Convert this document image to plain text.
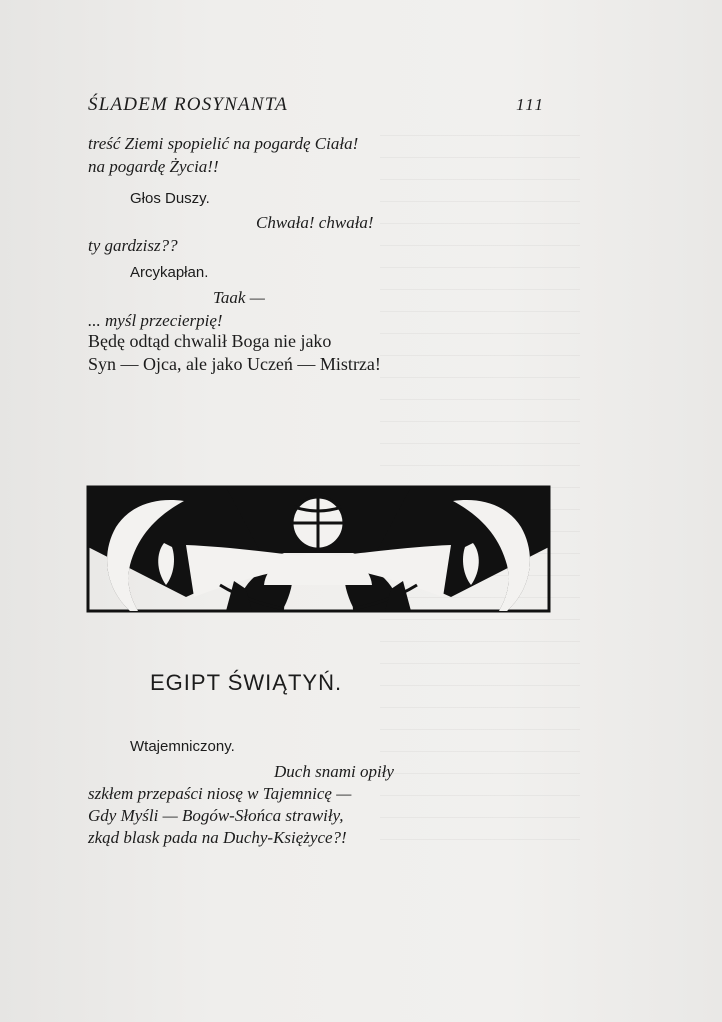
ŚLADEM ROSYNANTA	111
treść Ziemi spopielić na pogardę Ciała!
na pogardę Życia!!
Głos Duszy.
Chwała! chwała!
ty gardzisz??
Arcykapłan.
Taak —
... myśl przecierpię!
Będę odtąd chwalił Boga nie jako
Syn — Ojca, ale jako Uczeń — Mistrza!
EGIPT ŚWIĄTYŃ.
Wtajemniczony.
Duch snami opiły
szkłem przepaści niosę w Tajemnicę —
Gdy Myśli — Bogów-Słońca strawiły,
zkąd blask pada na Duchy-Księżyce?!
